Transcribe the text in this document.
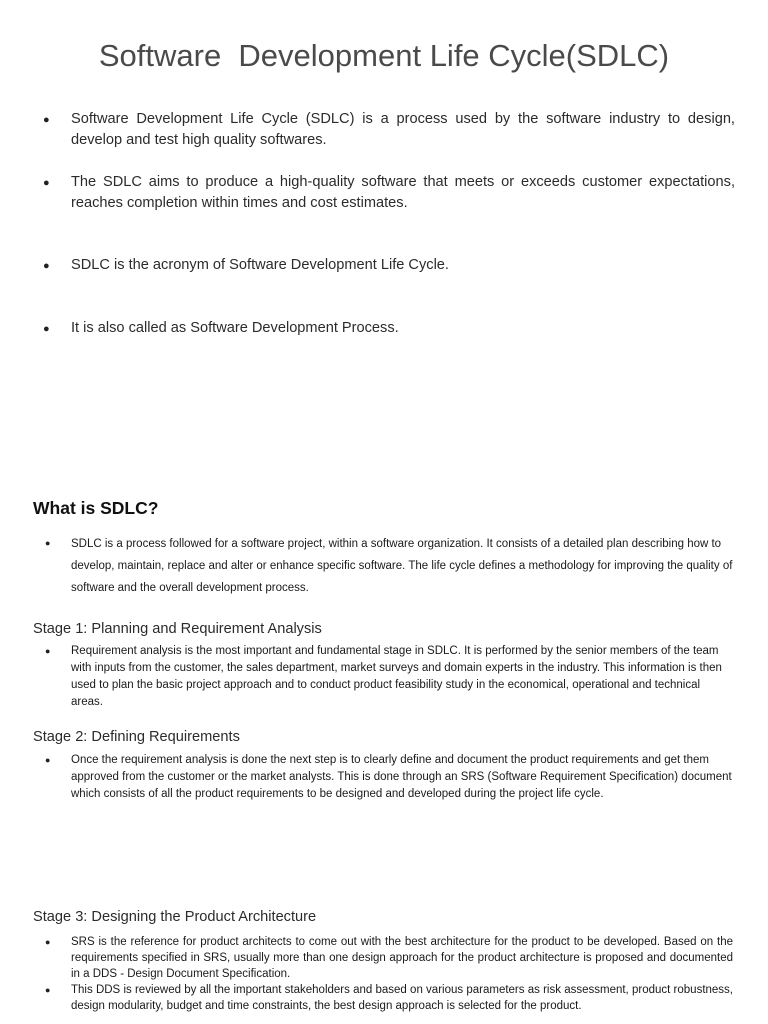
Software  Development Life Cycle(SDLC)
● Software Development Life Cycle (SDLC) is a process used by the software industry to design, develop and test high quality softwares.
● The SDLC aims to produce a high-quality software that meets or exceeds customer expectations, reaches completion within times and cost estimates.
● SDLC is the acronym of Software Development Life Cycle.
● It is also called as Software Development Process.
What is SDLC?
● SDLC is a process followed for a software project, within a software organization. It consists of a detailed plan describing how to develop, maintain, replace and alter or enhance specific software. The life cycle defines a methodology for improving the quality of software and the overall development process.
Stage 1: Planning and Requirement Analysis
● Requirement analysis is the most important and fundamental stage in SDLC. It is performed by the senior members of the team with inputs from the customer, the sales department, market surveys and domain experts in the industry. This information is then used to plan the basic project approach and to conduct product feasibility study in the economical, operational and technical areas.
Stage 2: Defining Requirements
● Once the requirement analysis is done the next step is to clearly define and document the product requirements and get them approved from the customer or the market analysts. This is done through an SRS (Software Requirement Specification) document which consists of all the product requirements to be designed and developed during the project life cycle.
Stage 3: Designing the Product Architecture
● SRS is the reference for product architects to come out with the best architecture for the product to be developed. Based on the requirements specified in SRS, usually more than one design approach for the product architecture is proposed and documented in a DDS - Design Document Specification.
● This DDS is reviewed by all the important stakeholders and based on various parameters as risk assessment, product robustness, design modularity, budget and time constraints, the best design approach is selected for the product.
